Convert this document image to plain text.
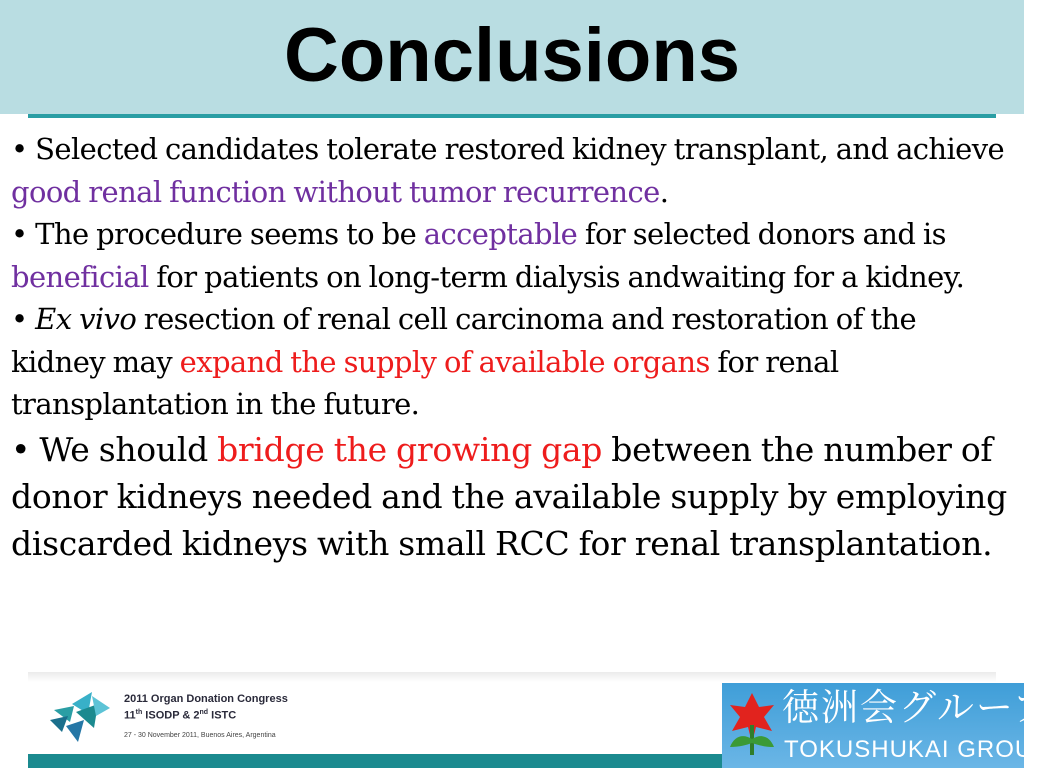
Conclusions

• Selected candidates tolerate restored kidney transplant, and achieve good renal function without tumor recurrence.

• The procedure seems to be acceptable for selected donors and is beneficial for patients on long-term dialysis andwaiting for a kidney.

• Ex vivo resection of renal cell carcinoma and restoration of the kidney may expand the supply of available organs for renal transplantation in the future.

• We should bridge the growing gap between the number of donor kidneys needed and the available supply by employing discarded kidneys with small RCC for renal transplantation.

2011 Organ Donation Congress
11th ISODP & 2nd ISTC
27 - 30 November 2011, Buenos Aires, Argentina
徳洲会グループ
TOKUSHUKAI GROUP
